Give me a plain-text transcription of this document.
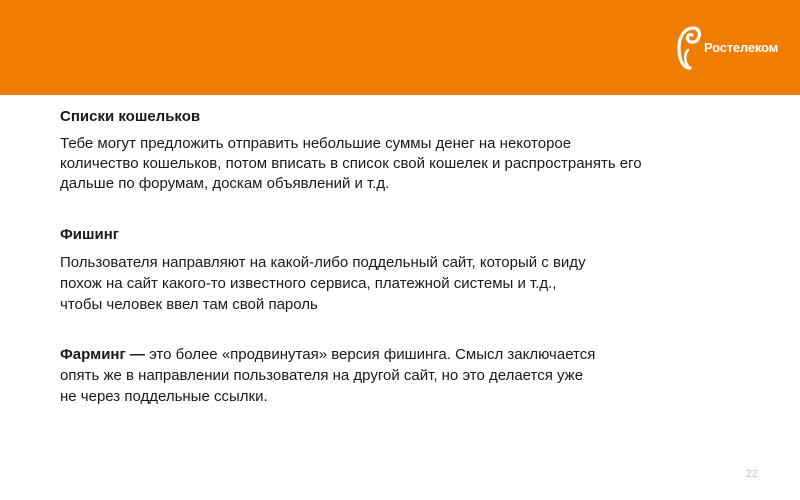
Ростелеком
Списки кошельков
Тебе могут предложить отправить небольшие суммы денег на некоторое
количество кошельков, потом вписать в список свой кошелек и распространять его
дальше по форумам, доскам объявлений и т.д.
Фишинг
Пользователя направляют на какой-либо поддельный сайт, который с виду
похож на сайт какого-то известного сервиса, платежной системы и т.д.,
чтобы человек ввел там свой пароль
Фарминг — это более «продвинутая» версия фишинга. Смысл заключается
опять же в направлении пользователя на другой сайт, но это делается уже
не через поддельные ссылки.
22
